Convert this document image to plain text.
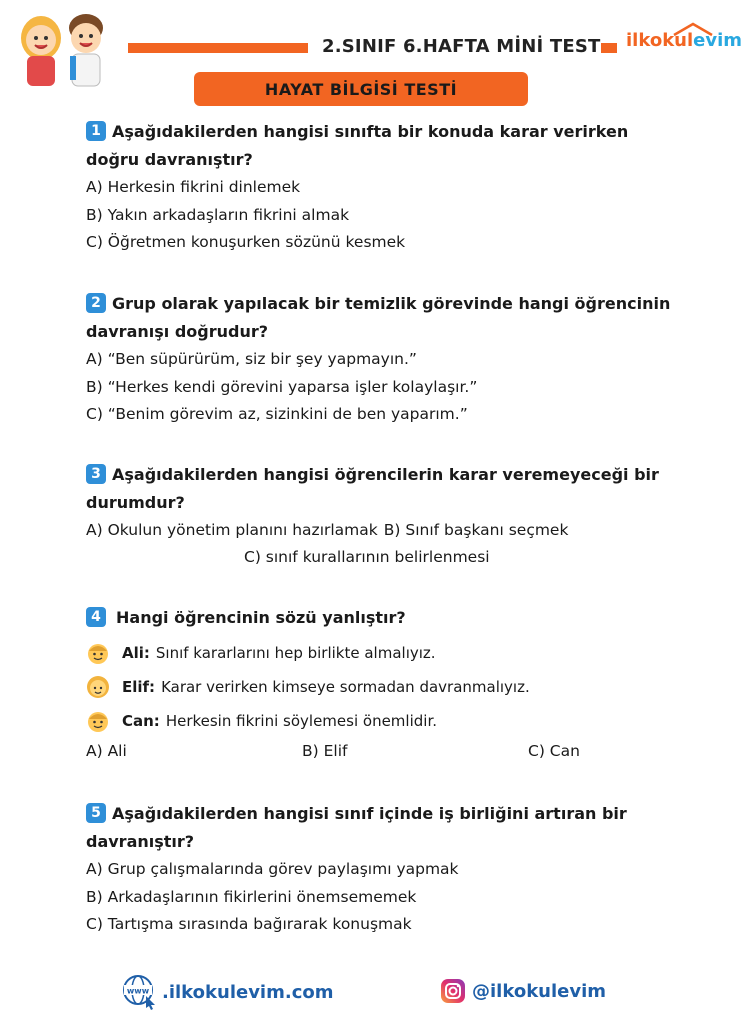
2.SINIF 6.HAFTA MİNİ TEST ilkokulevim
HAYAT BİLGİSİ TESTİ
1 Aşağıdakilerden hangisi sınıfta bir konuda karar verirken doğru davranıştır?
A) Herkesin fikrini dinlemek
B) Yakın arkadaşların fikrini almak
C) Öğretmen konuşurken sözünü kesmek
2 Grup olarak yapılacak bir temizlik görevinde hangi öğrencinin davranışı doğrudur?
A) “Ben süpürürüm, siz bir şey yapmayın.”
B) “Herkes kendi görevini yaparsa işler kolaylaşır.”
C) “Benim görevim az, sizinkini de ben yaparım.”
3 Aşağıdakilerden hangisi öğrencilerin karar veremeyeceği bir durumdur?
A) Okulun yönetim planını hazırlamak B) Sınıf başkanı seçmek
C) sınıf kurallarının belirlenmesi
4 Hangi öğrencinin sözü yanlıştır?
Ali: Sınıf kararlarını hep birlikte almalıyız.
Elif: Karar verirken kimseye sormadan davranmalıyız.
Can: Herkesin fikrini söylemesi önemlidir.
A) Ali	B) Elif	C) Can
5 Aşağıdakilerden hangisi sınıf içinde iş birliğini artıran bir davranıştır?
A) Grup çalışmalarında görev paylaşımı yapmak
B) Arkadaşlarının fikirlerini önemsememek
C) Tartışma sırasında bağırarak konuşmak
www .ilkokulevim.com	@ilkokulevim
